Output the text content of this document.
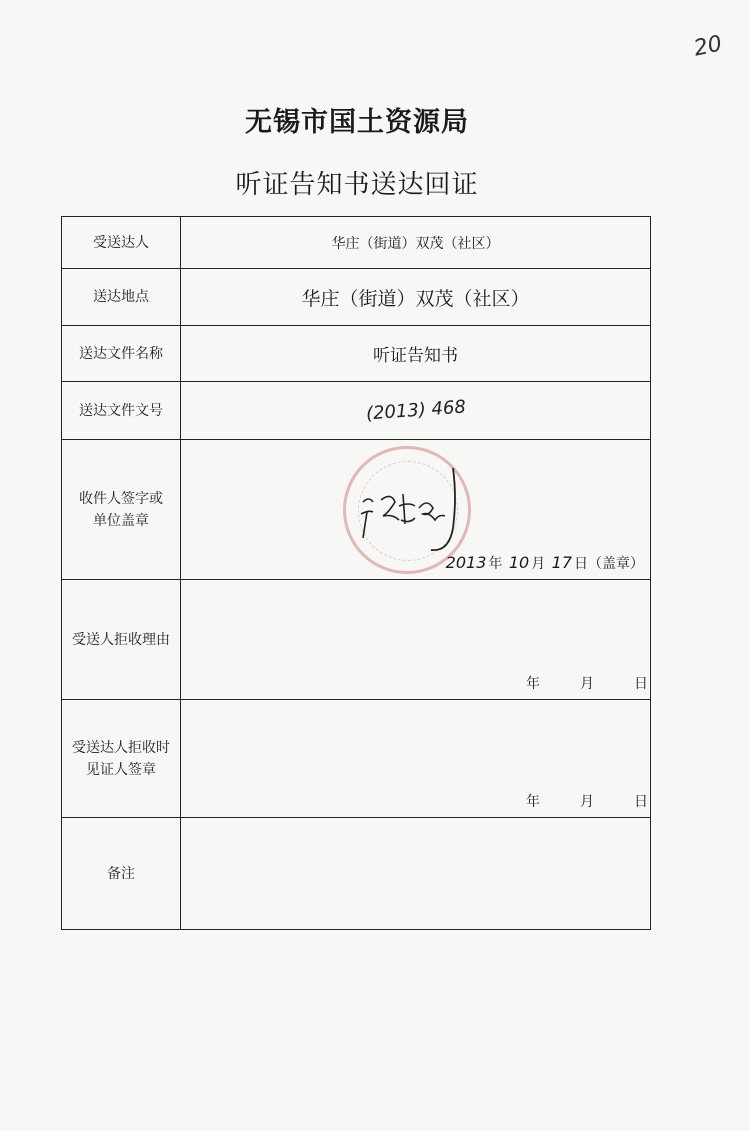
20
无锡市国土资源局
听证告知书送达回证
受送达人	华庄（街道）双茂（社区）
送达地点	华庄（街道）双茂（社区）
送达文件名称	听证告知书
送达文件文号	(2013) 468
收件人签字或
单位盖章	2013 年 10 月 17 日（盖章）

受送人拒收理由	年 月 日

受送达人拒收时
见证人签章	年 月 日

备注	
